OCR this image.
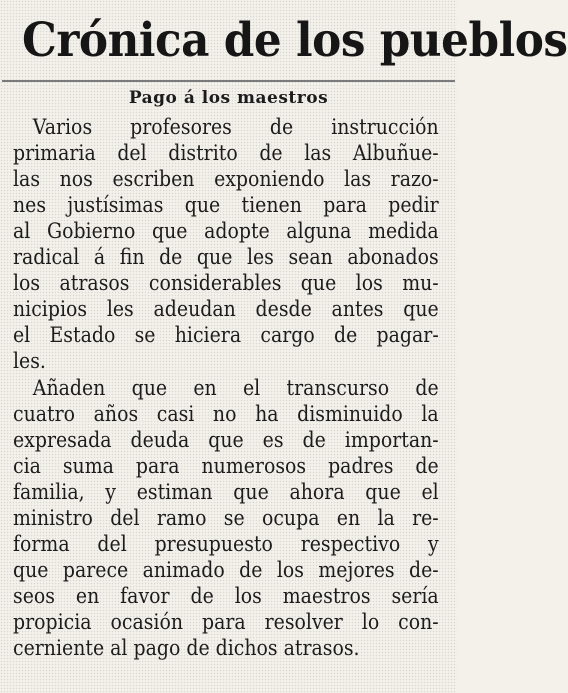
Crónica de los pueblos
Pago á los maestros
Varios profesores de instrucción
primaria del distrito de las Albuñue-
las nos escriben exponiendo las razo-
nes justísimas que tienen para pedir
al Gobierno que adopte alguna medida
radical á fin de que les sean abonados
los atrasos considerables que los mu-
nicipios les adeudan desde antes que
el Estado se hiciera cargo de pagar-
les.
Añaden que en el transcurso de
cuatro años casi no ha disminuido la
expresada deuda que es de importan-
cia suma para numerosos padres de
familia, y estiman que ahora que el
ministro del ramo se ocupa en la re-
forma del presupuesto respectivo y
que parece animado de los mejores de-
seos en favor de los maestros sería
propicia ocasión para resolver lo con-
cerniente al pago de dichos atrasos.
